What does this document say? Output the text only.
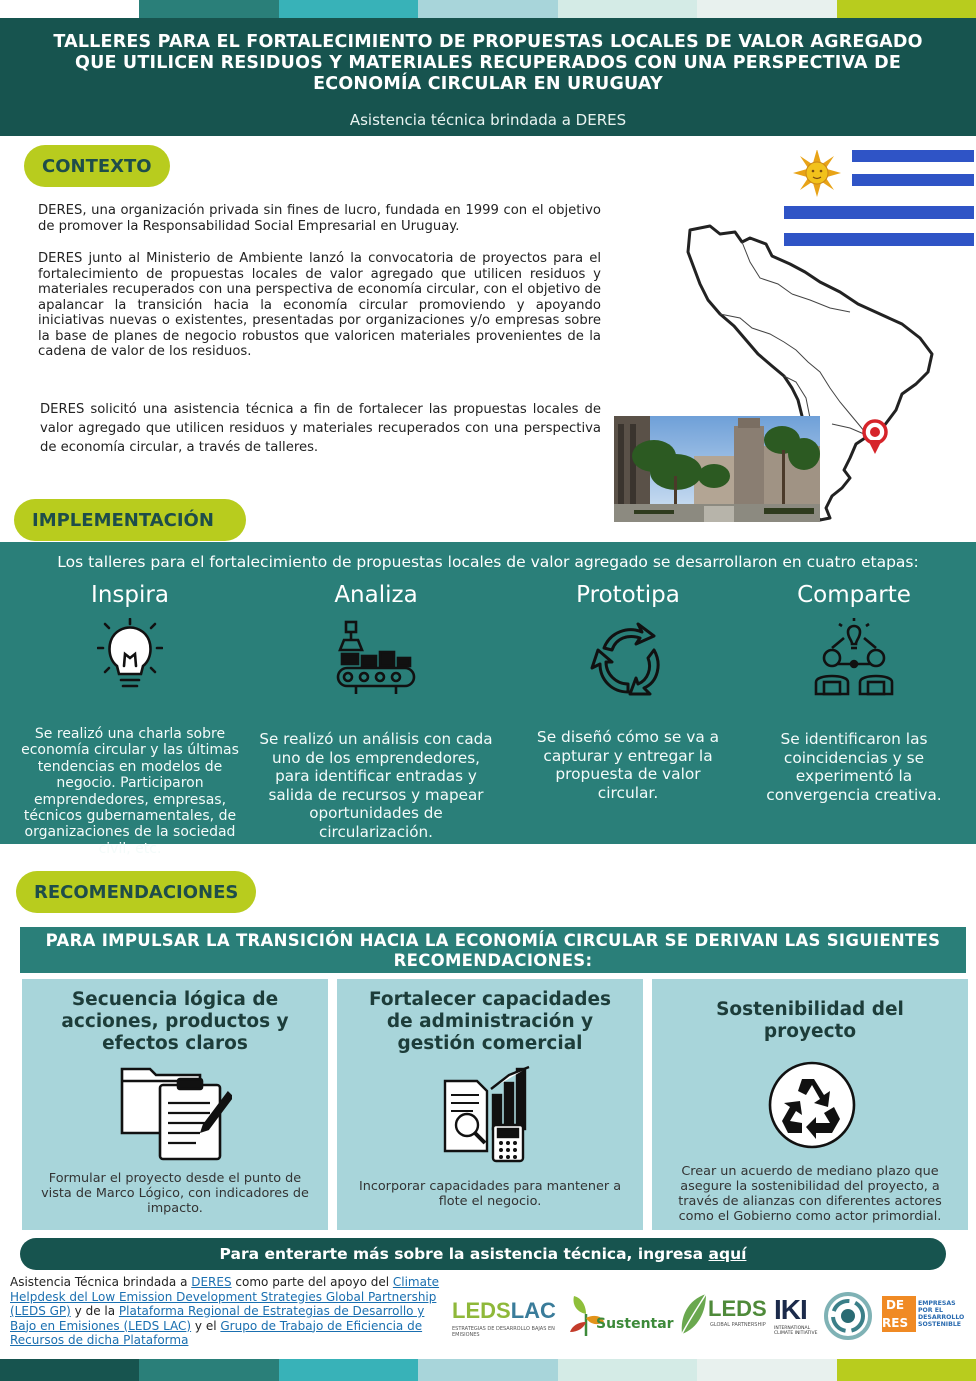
TALLERES PARA EL FORTALECIMIENTO DE PROPUESTAS LOCALES DE VALOR AGREGADO QUE UTILICEN RESIDUOS Y MATERIALES RECUPERADOS CON UNA PERSPECTIVA DE ECONOMÍA CIRCULAR EN URUGUAY
Asistencia técnica brindada a DERES
CONTEXTO
DERES, una organización privada sin fines de lucro, fundada en 1999 con el objetivo de promover la Responsabilidad Social Empresarial en Uruguay.
DERES junto al Ministerio de Ambiente lanzó la convocatoria de proyectos para el fortalecimiento de propuestas locales de valor agregado que utilicen residuos y materiales recuperados con una perspectiva de economía circular, con el objetivo de apalancar la transición hacia la economía circular promoviendo y apoyando iniciativas nuevas o existentes, presentadas por organizaciones y/o empresas sobre la base de planes de negocio robustos que valoricen materiales provenientes de la cadena de valor de los residuos.
DERES solicitó una asistencia técnica a fin de fortalecer las propuestas locales de valor agregado que utilicen residuos y materiales recuperados con una perspectiva de economía circular, a través de talleres.
IMPLEMENTACIÓN
Los talleres para el fortalecimiento de propuestas locales de valor agregado se desarrollaron en cuatro etapas:
Inspira

Se realizó una charla sobre economía circular y las últimas tendencias en modelos de negocio. Participaron emprendedores, empresas, técnicos gubernamentales, de organizaciones de la sociedad civil, etc.

Analiza

Se realizó un análisis con cada uno de los emprendedores, para identificar entradas y salida de recursos y mapear oportunidades de circularización.

Prototipa

Se diseñó cómo se va a capturar y entregar la propuesta de valor circular.

Comparte

Se identificaron las coincidencias y se experimentó la convergencia creativa.

RECOMENDACIONES
PARA IMPULSAR LA TRANSICIÓN HACIA LA ECONOMÍA CIRCULAR SE DERIVAN LAS SIGUIENTES RECOMENDACIONES:
Secuencia lógica de acciones, productos y efectos claros

Formular el proyecto desde el punto de vista de Marco Lógico, con indicadores de impacto.

Fortalecer capacidades de administración y gestión comercial

Incorporar capacidades para mantener a flote el negocio.

Sostenibilidad del proyecto

Crear un acuerdo de mediano plazo que asegure la sostenibilidad del proyecto, a través de alianzas con diferentes actores como el Gobierno como actor primordial.

Para enterarte más sobre la asistencia técnica, ingresa aquí
Asistencia Técnica brindada a DERES como parte del apoyo del Climate Helpdesk del Low Emission Development Strategies Global Partnership (LEDS GP) y de la Plataforma Regional de Estrategias de Desarrollo y Bajo en Emisiones (LEDS LAC) y el Grupo de Trabajo de Eficiencia de Recursos de dicha Plataforma
LEDSLAC
ESTRATEGIAS DE DESARROLLO BAJAS EN EMISIONES
Sustentar
LEDS
GLOBAL PARTNERSHIP IKI
INTERNATIONAL CLIMATE INITIATIVE
DE
RES
EMPRESAS POR EL DESARROLLO SOSTENIBLE
